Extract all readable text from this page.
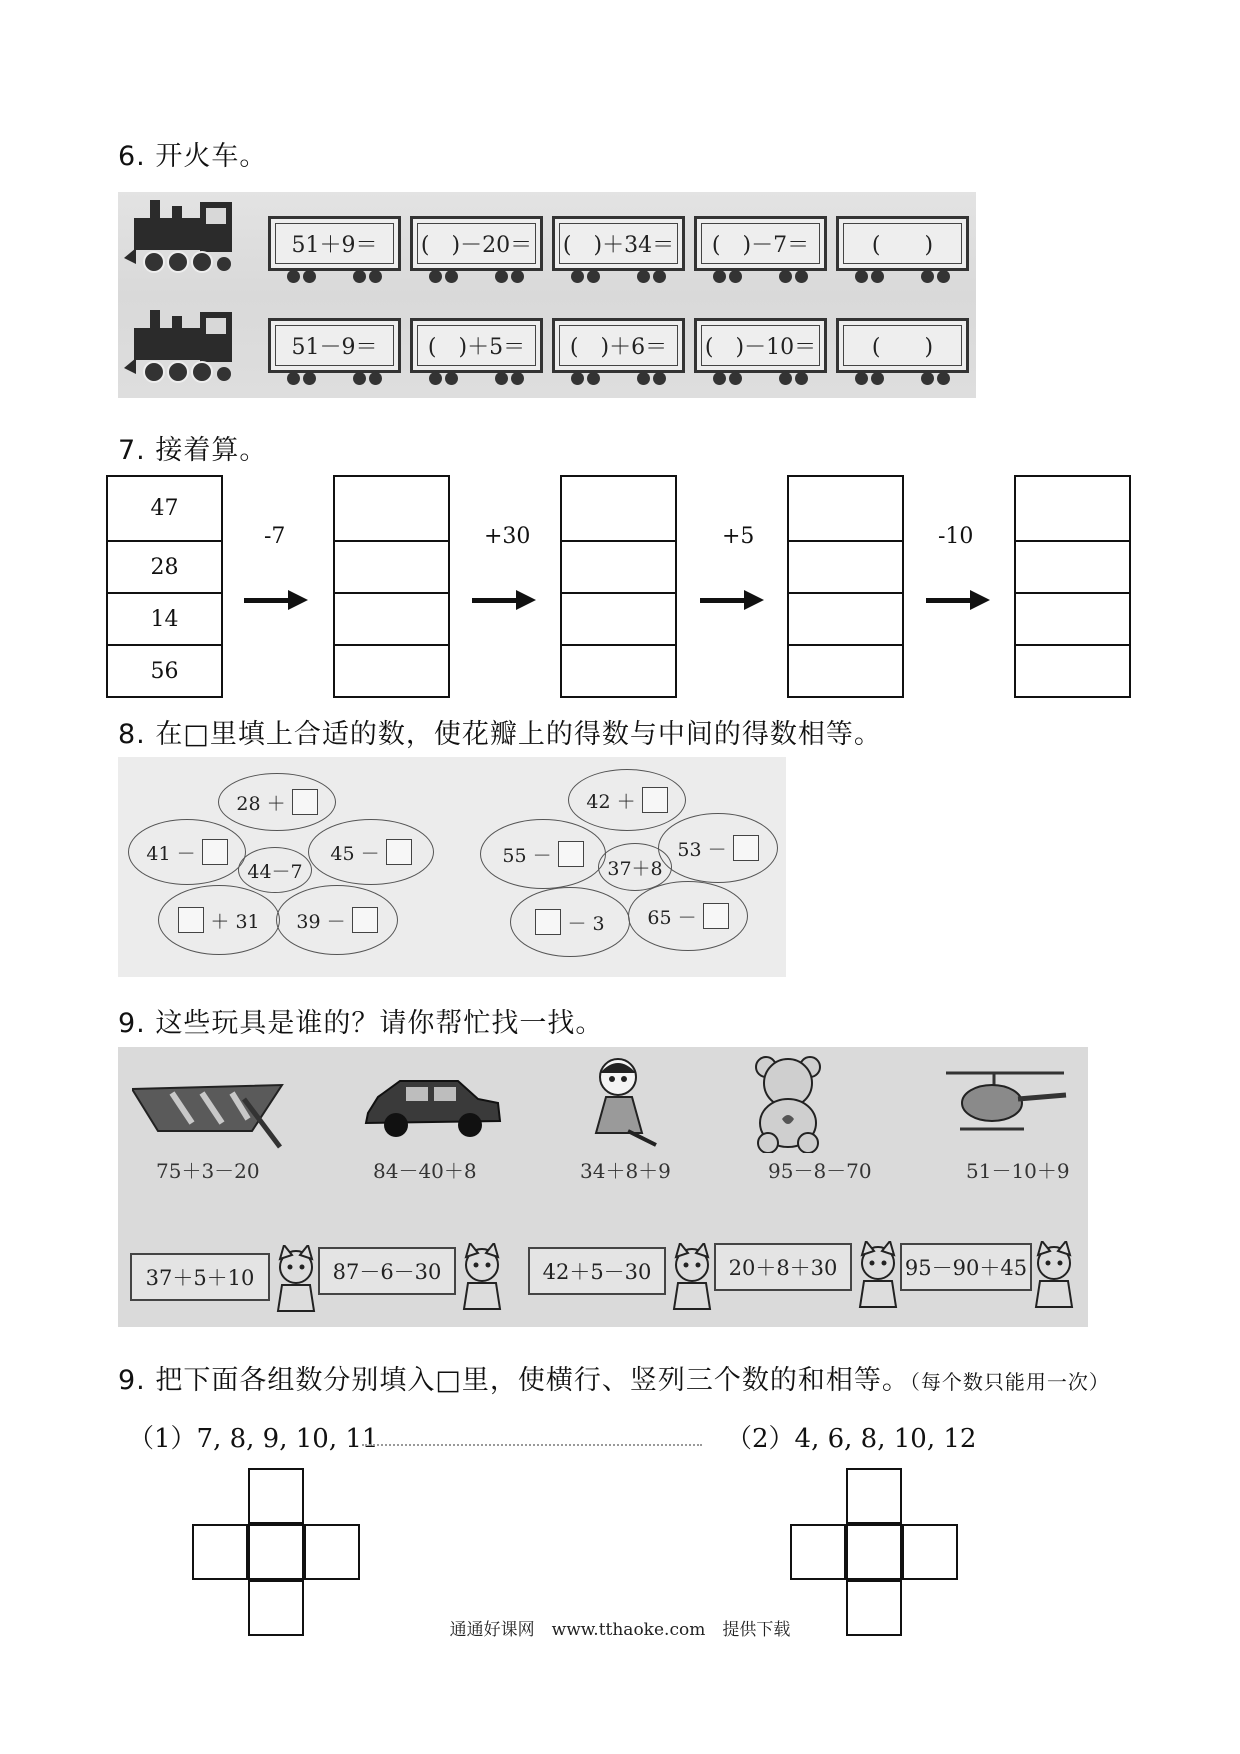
6. 开火车。
51＋9＝	(　)－20＝ (　)＋34＝	(　)－7＝	(　　)
51－9＝	(　)＋5＝	(　)＋6＝	(　)－10＝	(　　)
7. 接着算。
47
28
14
56
-7	+30	+5	-10
8. 在□里填上合适的数，使花瓣上的得数与中间的得数相等。
28 ＋

41 －
	45 －

44－7

＋ 31 39 －

42 ＋

55 －
	53 －

37＋8

－ 3 65 －

9. 这些玩具是谁的？请你帮忙找一找。
75＋3－20	84－40＋8	34＋8＋9	95－8－70	51－10＋9
37＋5＋10	87－6－30	42＋5－30	20＋8＋30	95－90＋45
9. 把下面各组数分别填入□里，使横行、竖列三个数的和相等。（每个数只能用一次）
（1）7, 8, 9, 10, 11	（2）4, 6, 8, 10, 12
通通好课网　www.tthaoke.com　提供下载
